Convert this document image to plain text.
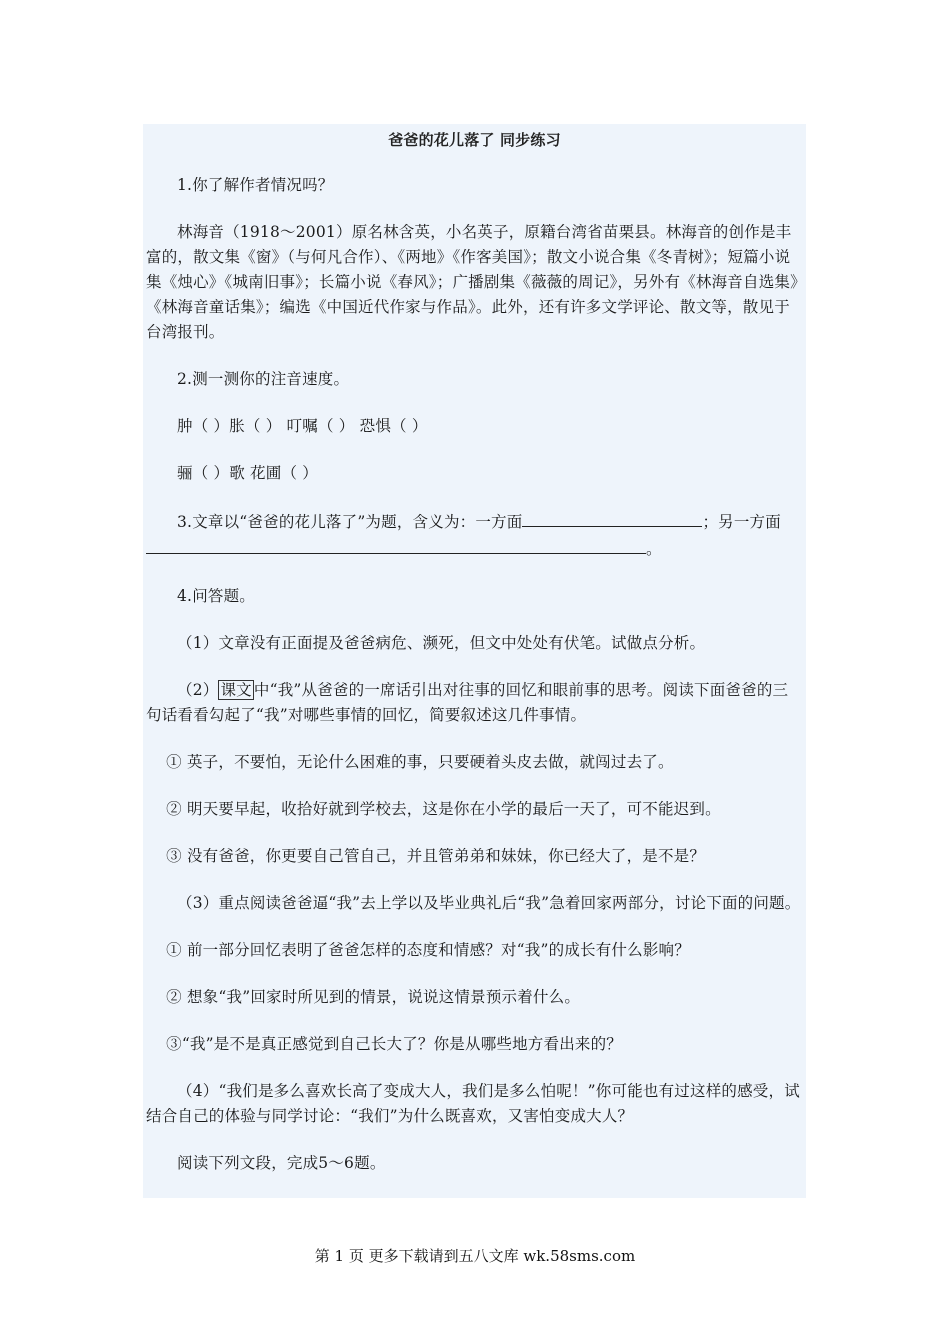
爸爸的花儿落了 同步练习

1.你了解作者情况吗？

林海音（1918～2001）原名林含英，小名英子，原籍台湾省苗栗县。林海音的创作是丰富的，散文集《窗》（与何凡合作）、《两地》《作客美国》；散文小说合集《冬青树》；短篇小说集《烛心》《城南旧事》；长篇小说《春风》；广播剧集《薇薇的周记》，另外有《林海音自选集》《林海音童话集》；编选《中国近代作家与作品》。此外，还有许多文学评论、散文等，散见于台湾报刊。

2.测一测你的注音速度。

肿（ ）胀（ ） 叮嘱（ ） 恐惧（ ）

骊（ ）歌 花圃（ ）

3.文章以“爸爸的花儿落了”为题，含义为：一方面	；另一方面。

4.问答题。

（1）文章没有正面提及爸爸病危、濒死，但文中处处有伏笔。试做点分析。

（2） 课文 中“我”从爸爸的一席话引出对往事的回忆和眼前事的思考。阅读下面爸爸的三句话看看勾起了“我”对哪些事情的回忆，简要叙述这几件事情。

① 英子，不要怕，无论什么困难的事，只要硬着头皮去做，就闯过去了。

② 明天要早起，收拾好就到学校去，这是你在小学的最后一天了，可不能迟到。

③ 没有爸爸，你更要自己管自己，并且管弟弟和妹妹，你已经大了，是不是？

（3）重点阅读爸爸逼“我”去上学以及毕业典礼后“我”急着回家两部分，讨论下面的问题。

① 前一部分回忆表明了爸爸怎样的态度和情感？对“我”的成长有什么影响？

② 想象“我”回家时所见到的情景，说说这情景预示着什么。

③“我”是不是真正感觉到自己长大了？你是从哪些地方看出来的？

（4）“我们是多么喜欢长高了变成大人，我们是多么怕呢！”你可能也有过这样的感受，试结合自己的体验与同学讨论：“我们”为什么既喜欢，又害怕变成大人？

阅读下列文段，完成5～6题。

第 1 页 更多下载请到五八文库 wk.58sms.com
